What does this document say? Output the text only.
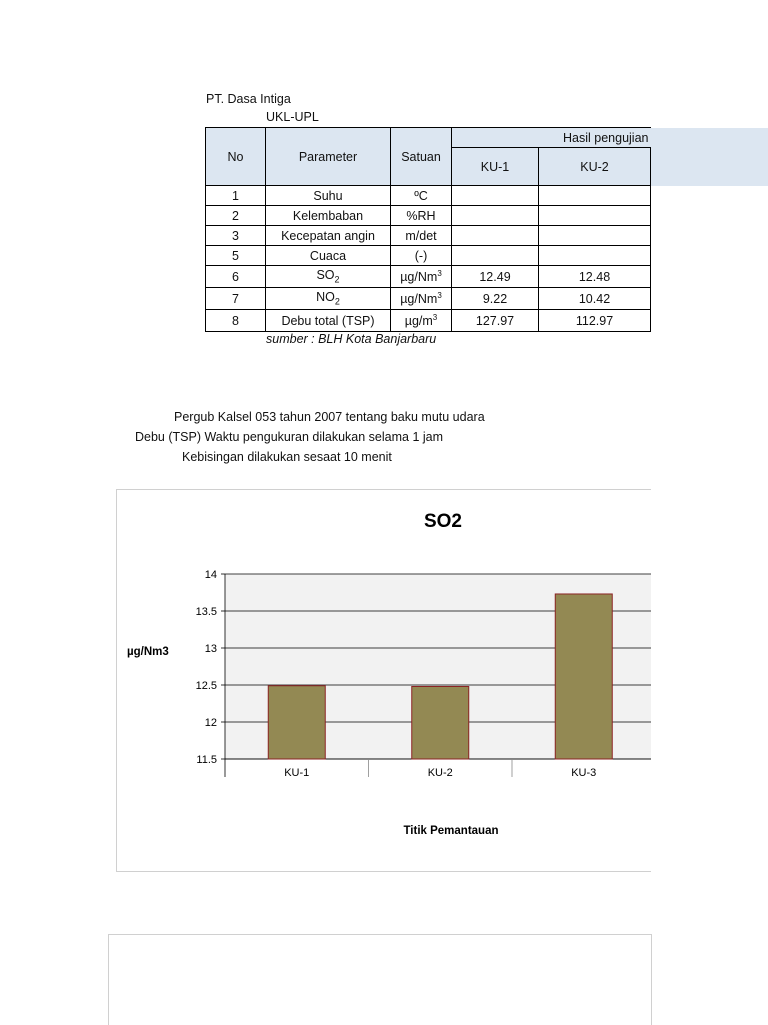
PT. Dasa Intiga
UKL-UPL
No	Parameter	Satuan	Hasil pengujian	
			KU-1	KU-2
1	Suhu	ºC		
2	Kelembaban	%RH		
3	Kecepatan angin	m/det		
5	Cuaca	(-)		
6	$SO_2$	µg/Nm$^3$	12.49	12.48
7	$NO_2$	µg/Nm$^3$	9.22	10.42
8	Debu total (TSP)	$\mu g/m^3$	127.97	112.97
sumber : BLH Kota Banjarbaru
Pergub Kalsel 053 tahun 2007 tentang baku mutu udara
Debu (TSP) Waktu pengukuran dilakukan selama 1 jam
Kebisingan dilakukan sesaat 10 menit
SO2
µg/Nm3
Titik Pemantauan
11.5
12
12.5
13
13.5
14
KU-1	KU-2	KU-3
